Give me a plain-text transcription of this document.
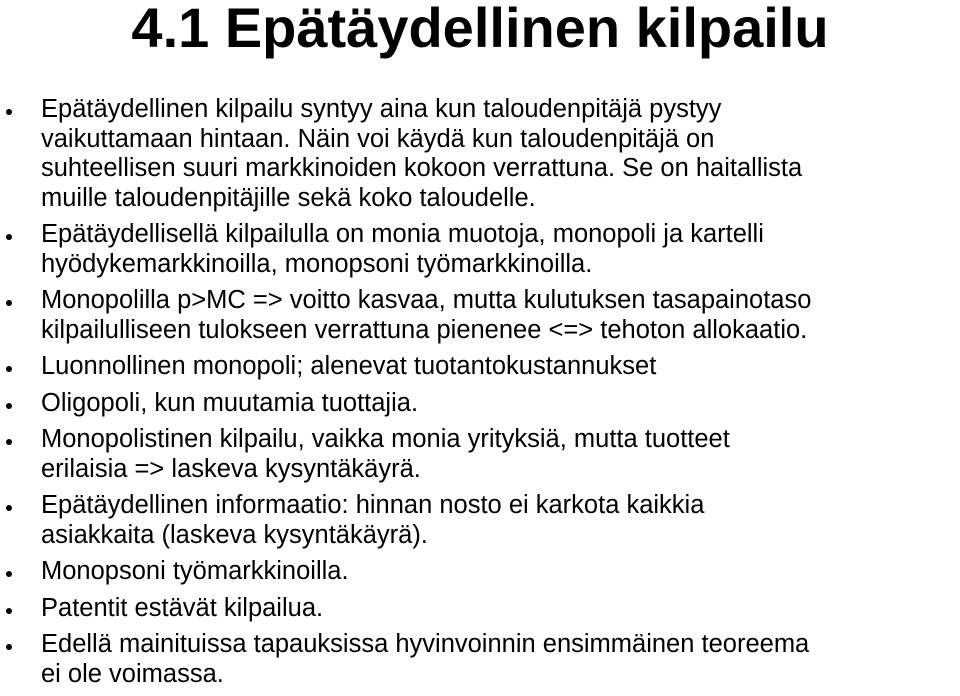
4.1 Epätäydellinen kilpailu
Epätäydellinen kilpailu syntyy aina kun taloudenpitäjä pystyy
vaikuttamaan hintaan. Näin voi käydä kun taloudenpitäjä on
suhteellisen suuri markkinoiden kokoon verrattuna. Se on haitallista
muille taloudenpitäjille sekä koko taloudelle.
Epätäydellisellä kilpailulla on monia muotoja, monopoli ja kartelli
hyödykemarkkinoilla, monopsoni työmarkkinoilla.
Monopolilla p>MC => voitto kasvaa, mutta kulutuksen tasapainotaso
kilpailulliseen tulokseen verrattuna pienenee <=> tehoton allokaatio.
Luonnollinen monopoli; alenevat tuotantokustannukset
Oligopoli, kun muutamia tuottajia.
Monopolistinen kilpailu, vaikka monia yrityksiä, mutta tuotteet
erilaisia => laskeva kysyntäkäyrä.
Epätäydellinen informaatio: hinnan nosto ei karkota kaikkia
asiakkaita (laskeva kysyntäkäyrä).
Monopsoni työmarkkinoilla.
Patentit estävät kilpailua.
Edellä mainituissa tapauksissa hyvinvoinnin ensimmäinen teoreema
ei ole voimassa.
